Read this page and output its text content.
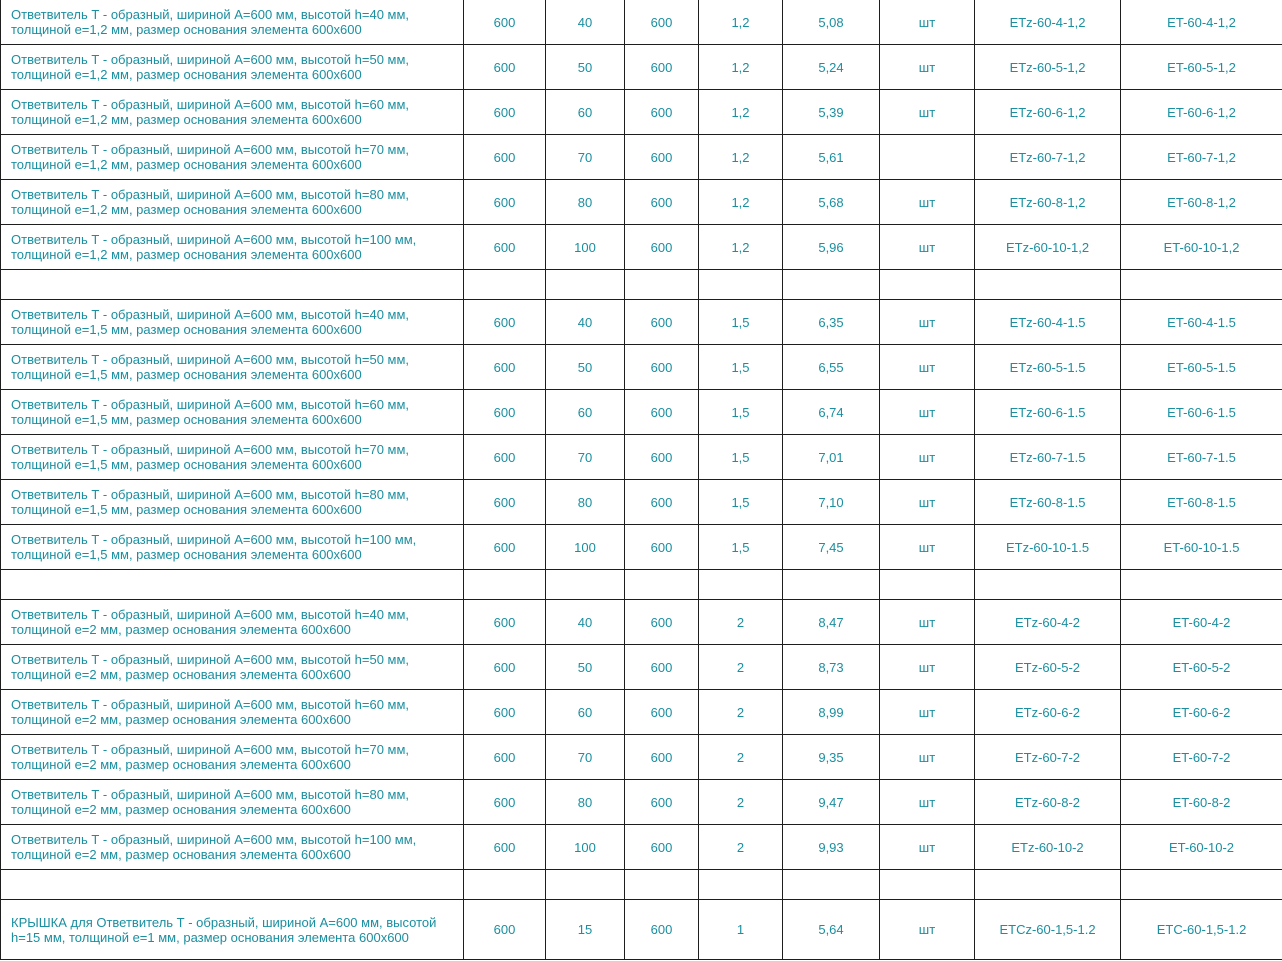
Ответвитель Т - образный, шириной A=600 мм, высотой h=40 мм, толщиной e=1,2 мм, размер основания элемента 600x600	600	40	600	1,2	5,08	шт	ETz-60-4-1,2	ET-60-4-1,2
Ответвитель Т - образный, шириной A=600 мм, высотой h=50 мм, толщиной e=1,2 мм, размер основания элемента 600x600	600	50	600	1,2	5,24	шт	ETz-60-5-1,2	ET-60-5-1,2
Ответвитель Т - образный, шириной A=600 мм, высотой h=60 мм, толщиной e=1,2 мм, размер основания элемента 600x600	600	60	600	1,2	5,39	шт	ETz-60-6-1,2	ET-60-6-1,2
Ответвитель Т - образный, шириной A=600 мм, высотой h=70 мм, толщиной e=1,2 мм, размер основания элемента 600x600	600	70	600	1,2	5,61		ETz-60-7-1,2	ET-60-7-1,2
Ответвитель Т - образный, шириной A=600 мм, высотой h=80 мм, толщиной e=1,2 мм, размер основания элемента 600x600	600	80	600	1,2	5,68	шт	ETz-60-8-1,2	ET-60-8-1,2
Ответвитель Т - образный, шириной A=600 мм, высотой h=100 мм, толщиной e=1,2 мм, размер основания элемента 600x600	600	100	600	1,2	5,96	шт	ETz-60-10-1,2	ET-60-10-1,2

Ответвитель Т - образный, шириной A=600 мм, высотой h=40 мм, толщиной e=1,5 мм, размер основания элемента 600x600	600	40	600	1,5	6,35	шт	ETz-60-4-1.5	ET-60-4-1.5
Ответвитель Т - образный, шириной A=600 мм, высотой h=50 мм, толщиной e=1,5 мм, размер основания элемента 600x600	600	50	600	1,5	6,55	шт	ETz-60-5-1.5	ET-60-5-1.5
Ответвитель Т - образный, шириной A=600 мм, высотой h=60 мм, толщиной e=1,5 мм, размер основания элемента 600x600	600	60	600	1,5	6,74	шт	ETz-60-6-1.5	ET-60-6-1.5
Ответвитель Т - образный, шириной A=600 мм, высотой h=70 мм, толщиной e=1,5 мм, размер основания элемента 600x600	600	70	600	1,5	7,01	шт	ETz-60-7-1.5	ET-60-7-1.5
Ответвитель Т - образный, шириной A=600 мм, высотой h=80 мм, толщиной e=1,5 мм, размер основания элемента 600x600	600	80	600	1,5	7,10	шт	ETz-60-8-1.5	ET-60-8-1.5
Ответвитель Т - образный, шириной A=600 мм, высотой h=100 мм, толщиной e=1,5 мм, размер основания элемента 600x600	600	100	600	1,5	7,45	шт	ETz-60-10-1.5	ET-60-10-1.5

Ответвитель Т - образный, шириной A=600 мм, высотой h=40 мм, толщиной e=2 мм, размер основания элемента 600x600	600	40	600	2	8,47	шт	ETz-60-4-2	ET-60-4-2
Ответвитель Т - образный, шириной A=600 мм, высотой h=50 мм, толщиной e=2 мм, размер основания элемента 600x600	600	50	600	2	8,73	шт	ETz-60-5-2	ET-60-5-2
Ответвитель Т - образный, шириной A=600 мм, высотой h=60 мм, толщиной e=2 мм, размер основания элемента 600x600	600	60	600	2	8,99	шт	ETz-60-6-2	ET-60-6-2
Ответвитель Т - образный, шириной A=600 мм, высотой h=70 мм, толщиной e=2 мм, размер основания элемента 600x600	600	70	600	2	9,35	шт	ETz-60-7-2	ET-60-7-2
Ответвитель Т - образный, шириной A=600 мм, высотой h=80 мм, толщиной e=2 мм, размер основания элемента 600x600	600	80	600	2	9,47	шт	ETz-60-8-2	ET-60-8-2
Ответвитель Т - образный, шириной A=600 мм, высотой h=100 мм, толщиной e=2 мм, размер основания элемента 600x600	600	100	600	2	9,93	шт	ETz-60-10-2	ET-60-10-2

КРЫШКА для Ответвитель Т - образный, шириной A=600 мм, высотой h=15 мм, толщиной e=1 мм, размер основания элемента 600x600	600	15	600	1	5,64	шт	ETCz-60-1,5-1.2	ETC-60-1,5-1.2
